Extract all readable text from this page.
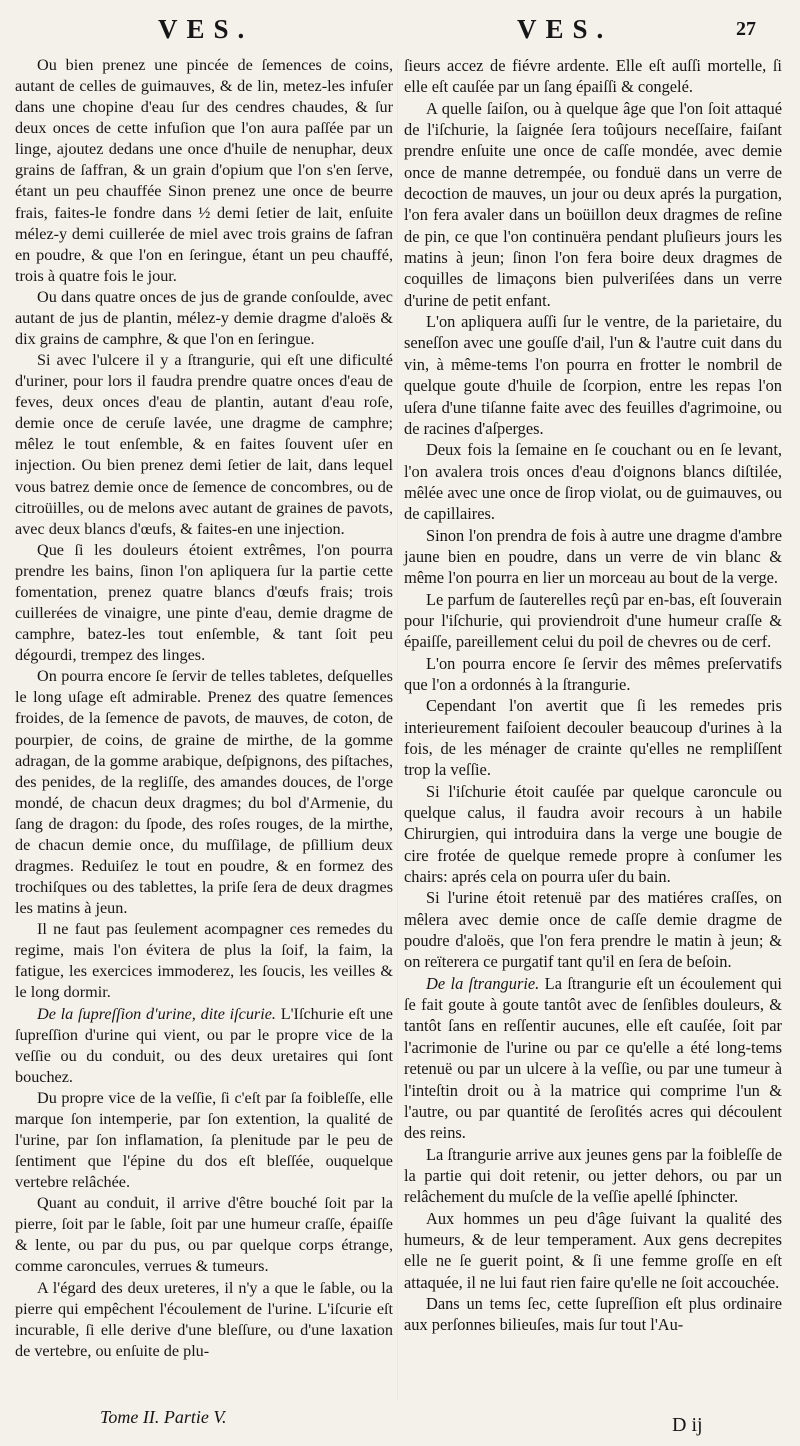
VES.	VES.	27

Ou bien prenez une pincée de ſemences de coins, autant de celles de guimauves, & de lin, metez-les infuſer dans une chopine d'eau ſur des cendres chaudes, & ſur deux onces de cette infuſion que l'on aura paſſée par un linge, ajoutez dedans une once d'huile de nenuphar, deux grains de ſaffran, & un grain d'opium que l'on s'en ſerve, étant un peu chauffée Sinon prenez une once de beurre frais, faites-le fondre dans ½ demi ſetier de lait, enſuite mélez-y demi cuillerée de miel avec trois grains de ſafran en poudre, & que l'on en ſeringue, étant un peu chauffé, trois à quatre fois le jour.

Ou dans quatre onces de jus de grande conſoulde, avec autant de jus de plantin, mélez-y demie dragme d'aloës & dix grains de camphre, & que l'on en ſeringue.

Si avec l'ulcere il y a ſtrangurie, qui eſt une dificulté d'uriner, pour lors il faudra prendre quatre onces d'eau de feves, deux onces d'eau de plantin, autant d'eau roſe, demie once de ceruſe lavée, une dragme de camphre; mêlez le tout enſemble, & en faites ſouvent uſer en injection. Ou bien prenez demi ſetier de lait, dans lequel vous batrez demie once de ſemence de concombres, ou de citroüilles, ou de melons avec autant de graines de pavots, avec deux blancs d'œufs, & faites-en une injection.

Que ſi les douleurs étoient extrêmes, l'on pourra prendre les bains, ſinon l'on apliquera ſur la partie cette fomentation, prenez quatre blancs d'œufs frais; trois cuillerées de vinaigre, une pinte d'eau, demie dragme de camphre, batez-les tout enſemble, & tant ſoit peu dégourdi, trempez des linges.

On pourra encore ſe ſervir de telles tabletes, deſquelles le long uſage eſt admirable. Prenez des quatre ſemences froides, de la ſemence de pavots, de mauves, de coton, de pourpier, de coins, de graine de mirthe, de la gomme adragan, de la gomme arabique, deſpignons, des piſtaches, des penides, de la regliſſe, des amandes douces, de l'orge mondé, de chacun deux dragmes; du bol d'Armenie, du ſang de dragon: du ſpode, des roſes rouges, de la mirthe, de chacun demie once, du muſſilage, de pſillium deux dragmes. Reduiſez le tout en poudre, & en formez des trochiſques ou des tablettes, la priſe ſera de deux dragmes les matins à jeun.

Il ne faut pas ſeulement acompagner ces remedes du regime, mais l'on évitera de plus la ſoif, la faim, la fatigue, les exercices immoderez, les ſoucis, les veilles & le long dormir.

De la ſupreſſion d'urine, dite iſcurie. L'Iſchurie eſt une ſupreſſion d'urine qui vient, ou par le propre vice de la veſſie ou du conduit, ou des deux uretaires qui ſont bouchez.

Du propre vice de la veſſie, ſi c'eſt par ſa foibleſſe, elle marque ſon intemperie, par ſon extention, la qualité de l'urine, par ſon inflamation, ſa plenitude par le peu de ſentiment que l'épine du dos eſt bleſſée, ouquelque vertebre relâchée.

Quant au conduit, il arrive d'être bouché ſoit par la pierre, ſoit par le ſable, ſoit par une humeur craſſe, épaiſſe & lente, ou par du pus, ou par quelque corps étrange, comme caroncules, verrues & tumeurs.

A l'égard des deux ureteres, il n'y a que le ſable, ou la pierre qui empêchent l'écoulement de l'urine. L'iſcurie eſt incurable, ſi elle derive d'une bleſſure, ou d'une laxation de vertebre, ou enſuite de plu-

ſieurs accez de fiévre ardente. Elle eſt auſſi mortelle, ſi elle eſt cauſée par un ſang épaiſſi & congelé.

A quelle ſaiſon, ou à quelque âge que l'on ſoit attaqué de l'iſchurie, la ſaignée ſera toûjours neceſſaire, faiſant prendre enſuite une once de caſſe mondée, avec demie once de manne detrempée, ou fonduë dans un verre de decoction de mauves, un jour ou deux aprés la purgation, l'on fera avaler dans un boüillon deux dragmes de reſine de pin, ce que l'on continuëra pendant pluſieurs jours les matins à jeun; ſinon l'on fera boire deux dragmes de coquilles de limaçons bien pulveriſées dans un verre d'urine de petit enfant.

L'on apliquera auſſi ſur le ventre, de la parietaire, du seneſſon avec une gouſſe d'ail, l'un & l'autre cuit dans du vin, à même-tems l'on pourra en frotter le nombril de quelque goute d'huile de ſcorpion, entre les repas l'on uſera d'une tiſanne faite avec des feuilles d'agrimoine, ou de racines d'aſperges.

Deux fois la ſemaine en ſe couchant ou en ſe levant, l'on avalera trois onces d'eau d'oignons blancs diſtilée, mêlée avec une once de ſirop violat, ou de guimauves, ou de capillaires.

Sinon l'on prendra de fois à autre une dragme d'ambre jaune bien en poudre, dans un verre de vin blanc & même l'on pourra en lier un morceau au bout de la verge.

Le parfum de ſauterelles reçû par en-bas, eſt ſouverain pour l'iſchurie, qui proviendroit d'une humeur craſſe & épaiſſe, pareillement celui du poil de chevres ou de cerf.

L'on pourra encore ſe ſervir des mêmes preſervatifs que l'on a ordonnés à la ſtrangurie.

Cependant l'on avertit que ſi les remedes pris interieurement faiſoient decouler beaucoup d'urines à la fois, de les ménager de crainte qu'elles ne rempliſſent trop la veſſie.

Si l'iſchurie étoit cauſée par quelque caroncule ou quelque calus, il faudra avoir recours à un habile Chirurgien, qui introduira dans la verge une bougie de cire frotée de quelque remede propre à conſumer les chairs: aprés cela on pourra uſer du bain.

Si l'urine étoit retenuë par des matiéres craſſes, on mêlera avec demie once de caſſe demie dragme de poudre d'aloës, que l'on fera prendre le matin à jeun; & on reïterera ce purgatif tant qu'il en ſera de beſoin.

De la ſtrangurie. La ſtrangurie eſt un écoulement qui ſe fait goute à goute tantôt avec de ſenſibles douleurs, & tantôt ſans en reſſentir aucunes, elle eſt cauſée, ſoit par l'acrimonie de l'urine ou par ce qu'elle a été long-tems retenuë ou par un ulcere à la veſſie, ou par une tumeur à l'inteſtin droit ou à la matrice qui comprime l'un & l'autre, ou par quantité de ſeroſités acres qui découlent des reins.

La ſtrangurie arrive aux jeunes gens par la foibleſſe de la partie qui doit retenir, ou jetter dehors, ou par un relâchement du muſcle de la veſſie apellé ſphincter.

Aux hommes un peu d'âge ſuivant la qualité des humeurs, & de leur temperament. Aux gens decrepites elle ne ſe guerit point, & ſi une femme groſſe en eſt attaquée, il ne lui faut rien faire qu'elle ne ſoit accouchée.

Dans un tems ſec, cette ſupreſſion eſt plus ordinaire aux perſonnes bilieuſes, mais ſur tout l'Au-

Tome II. Partie V.	D ij
